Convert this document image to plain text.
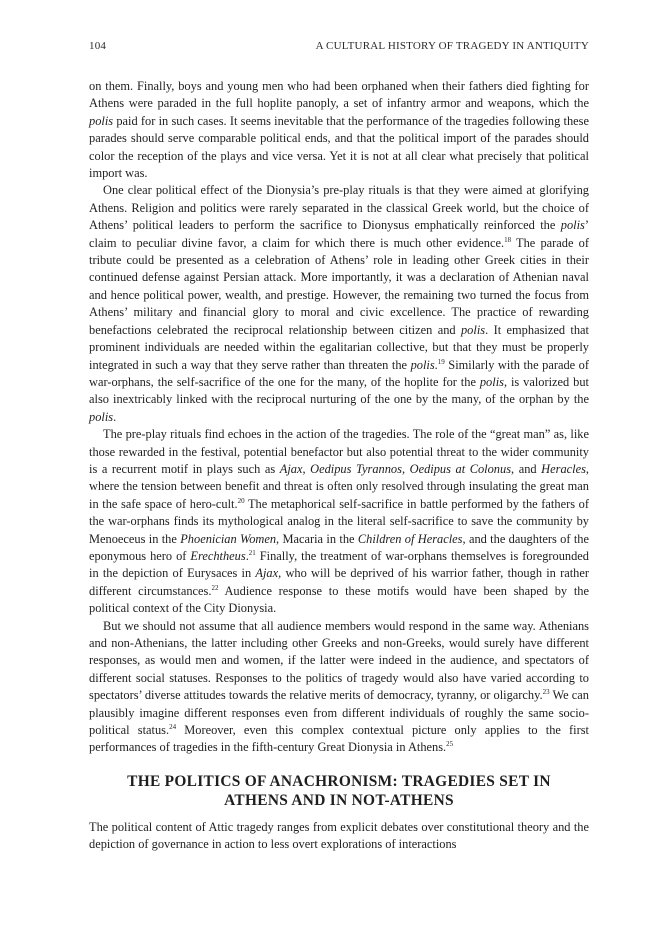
104	A CULTURAL HISTORY OF TRAGEDY IN ANTIQUITY

on them. Finally, boys and young men who had been orphaned when their fathers died fighting for Athens were paraded in the full hoplite panoply, a set of infantry armor and weapons, which the polis paid for in such cases. It seems inevitable that the performance of the tragedies following these parades should serve comparable political ends, and that the political import of the parades should color the reception of the plays and vice versa. Yet it is not at all clear what precisely that political import was.

One clear political effect of the Dionysia’s pre-play rituals is that they were aimed at glorifying Athens. Religion and politics were rarely separated in the classical Greek world, but the choice of Athens’ political leaders to perform the sacrifice to Dionysus emphatically reinforced the polis’ claim to peculiar divine favor, a claim for which there is much other evidence.$^{18}$ The parade of tribute could be presented as a celebration of Athens’ role in leading other Greek cities in their continued defense against Persian attack. More importantly, it was a declaration of Athenian naval and hence political power, wealth, and prestige. However, the remaining two turned the focus from Athens’ military and financial glory to moral and civic excellence. The practice of rewarding benefactions celebrated the reciprocal relationship between citizen and polis. It emphasized that prominent individuals are needed within the egalitarian collective, but that they must be properly integrated in such a way that they serve rather than threaten the polis.$^{19}$ Similarly with the parade of war-orphans, the self-sacrifice of the one for the many, of the hoplite for the polis, is valorized but also inextricably linked with the reciprocal nurturing of the one by the many, of the orphan by the polis.

The pre-play rituals find echoes in the action of the tragedies. The role of the “great man” as, like those rewarded in the festival, potential benefactor but also potential threat to the wider community is a recurrent motif in plays such as Ajax, Oedipus Tyrannos, Oedipus at Colonus, and Heracles, where the tension between benefit and threat is often only resolved through insulating the great man in the safe space of hero-cult.$^{20}$ The metaphorical self-sacrifice in battle performed by the fathers of the war-orphans finds its mythological analog in the literal self-sacrifice to save the community by Menoeceus in the Phoenician Women, Macaria in the Children of Heracles, and the daughters of the eponymous hero of Erechtheus.$^{21}$ Finally, the treatment of war-orphans themselves is foregrounded in the depiction of Eurysaces in Ajax, who will be deprived of his warrior father, though in rather different circumstances.$^{22}$ Audience response to these motifs would have been shaped by the political context of the City Dionysia.

But we should not assume that all audience members would respond in the same way. Athenians and non-Athenians, the latter including other Greeks and non-Greeks, would surely have different responses, as would men and women, if the latter were indeed in the audience, and spectators of different social statuses. Responses to the politics of tragedy would also have varied according to spectators’ diverse attitudes towards the relative merits of democracy, tyranny, or oligarchy.$^{23}$ We can plausibly imagine different responses even from different individuals of roughly the same socio-political status.$^{24}$ Moreover, even this complex contextual picture only applies to the first performances of tragedies in the fifth-century Great Dionysia in Athens.$^{25}$

THE POLITICS OF ANACHRONISM: TRAGEDIES SET IN
ATHENS AND IN NOT-ATHENS

The political content of Attic tragedy ranges from explicit debates over constitutional theory and the depiction of governance in action to less overt explorations of interactions
